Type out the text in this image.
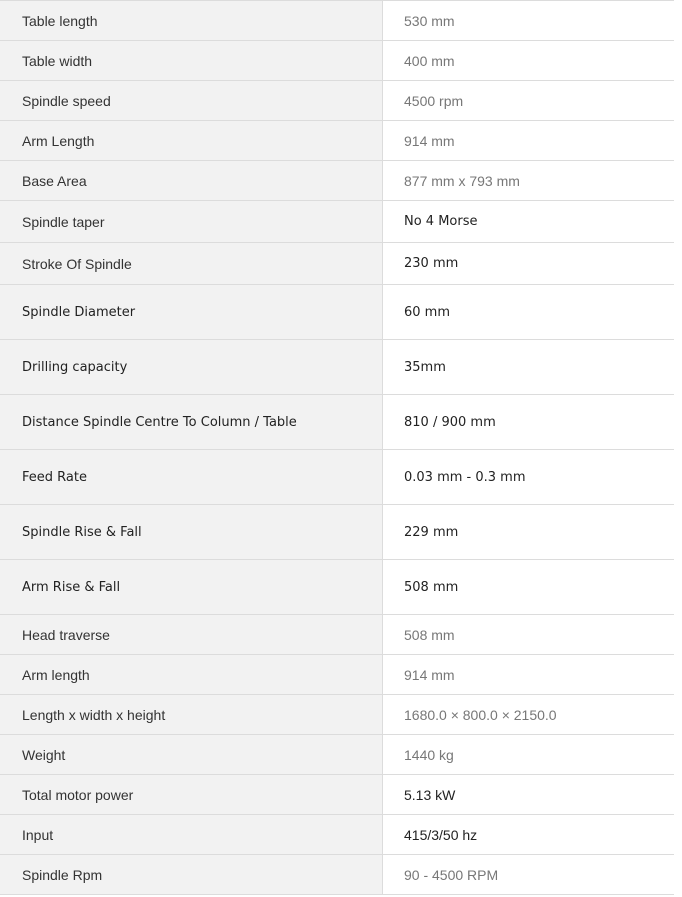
Table length	530 mm
Table width	400 mm
Spindle speed	4500 rpm
Arm Length	914 mm
Base Area	877 mm x 793 mm
Spindle taper	No 4 Morse
Stroke Of Spindle	230 mm
Spindle Diameter	60 mm
Drilling capacity	35mm
Distance Spindle Centre To Column / Table	810 / 900 mm
Feed Rate	0.03 mm - 0.3 mm
Spindle Rise & Fall	229 mm
Arm Rise & Fall	508 mm
Head traverse	508 mm
Arm length	914 mm
Length x width x height	1680.0 × 800.0 × 2150.0
Weight	1440 kg
Total motor power	5.13 kW
Input	415/3/50 hz
Spindle Rpm	90 - 4500 RPM
